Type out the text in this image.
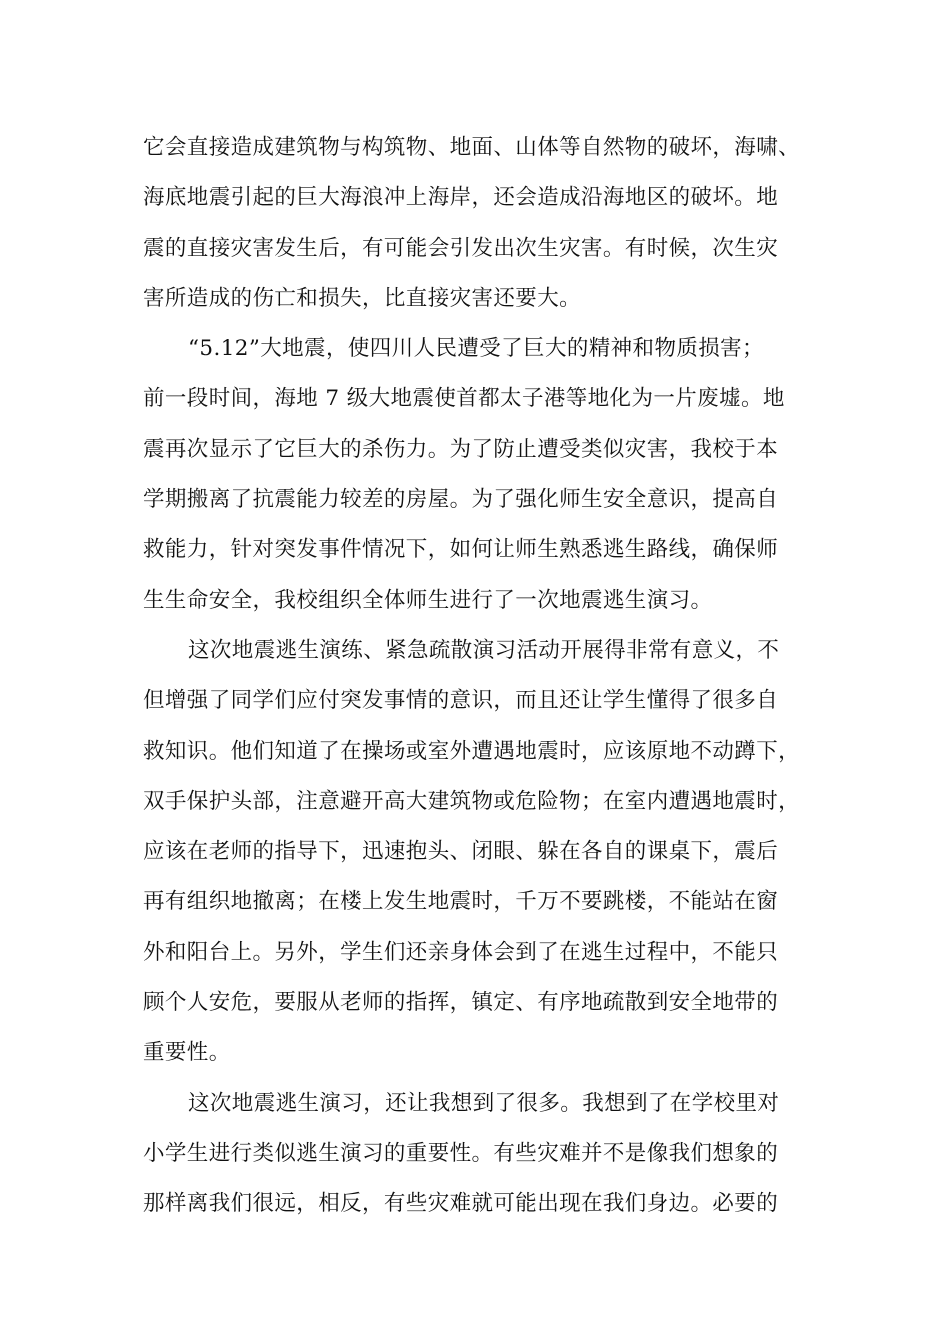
它会直接造成建筑物与构筑物、地面、山体等自然物的破坏，海啸、
海底地震引起的巨大海浪冲上海岸，还会造成沿海地区的破坏。地
震的直接灾害发生后，有可能会引发出次生灾害。有时候，次生灾
害所造成的伤亡和损失，比直接灾害还要大。
“5.12”大地震，使四川人民遭受了巨大的精神和物质损害；
前一段时间，海地 7 级大地震使首都太子港等地化为一片废墟。地
震再次显示了它巨大的杀伤力。为了防止遭受类似灾害，我校于本
学期搬离了抗震能力较差的房屋。为了强化师生安全意识，提高自
救能力，针对突发事件情况下，如何让师生熟悉逃生路线，确保师
生生命安全，我校组织全体师生进行了一次地震逃生演习。
这次地震逃生演练、紧急疏散演习活动开展得非常有意义，不
但增强了同学们应付突发事情的意识，而且还让学生懂得了很多自
救知识。他们知道了在操场或室外遭遇地震时，应该原地不动蹲下，
双手保护头部，注意避开高大建筑物或危险物；在室内遭遇地震时，
应该在老师的指导下，迅速抱头、闭眼、躲在各自的课桌下，震后
再有组织地撤离；在楼上发生地震时，千万不要跳楼，不能站在窗
外和阳台上。另外，学生们还亲身体会到了在逃生过程中，不能只
顾个人安危，要服从老师的指挥，镇定、有序地疏散到安全地带的
重要性。
这次地震逃生演习，还让我想到了很多。我想到了在学校里对
小学生进行类似逃生演习的重要性。有些灾难并不是像我们想象的
那样离我们很远，相反，有些灾难就可能出现在我们身边。必要的
